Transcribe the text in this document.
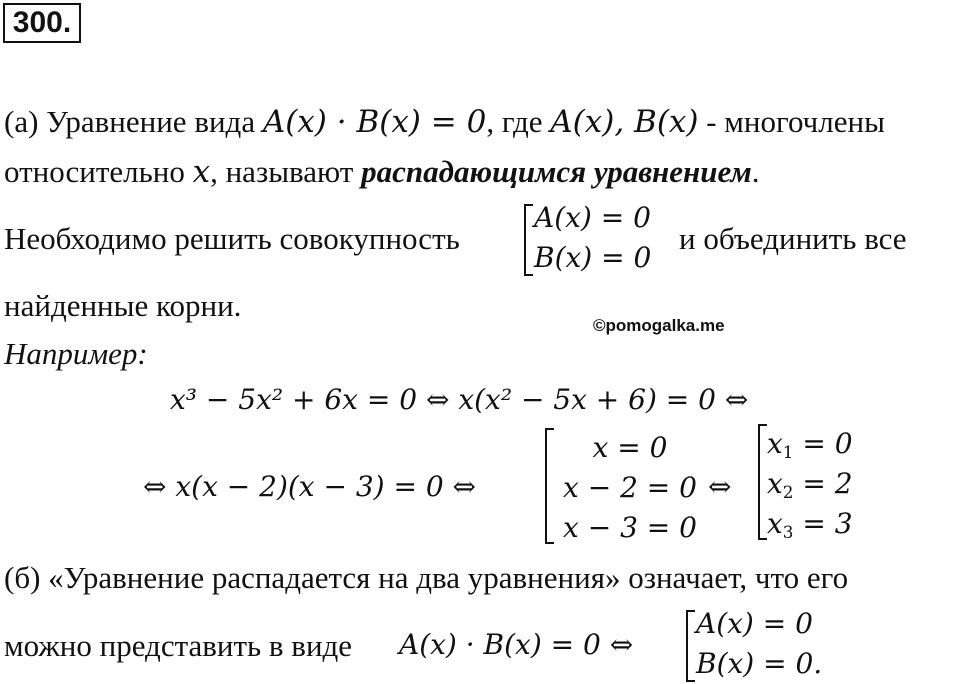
300.
(а) Уравнение вида A(x) · B(x) = 0, где A(x), B(x) - многочлены
относительно x, называют распадающимся уравнением.
Необходимо решить совокупность
A(x) = 0
B(x) = 0
и объединить все
найденные корни.
©pomogalka.me
Например:
x³ − 5x² + 6x = 0 ⇔ x(x² − 5x + 6) = 0 ⇔
⇔ x(x − 2)(x − 3) = 0 ⇔
x = 0
x − 2 = 0
x − 3 = 0
⇔
$x_1 = 0$
$x_2 = 2$
$x_3 = 3$
(б) «Уравнение распадается на два уравнения» означает, что его
можно представить в виде A(x) · B(x) = 0 ⇔
A(x) = 0
B(x) = 0.
